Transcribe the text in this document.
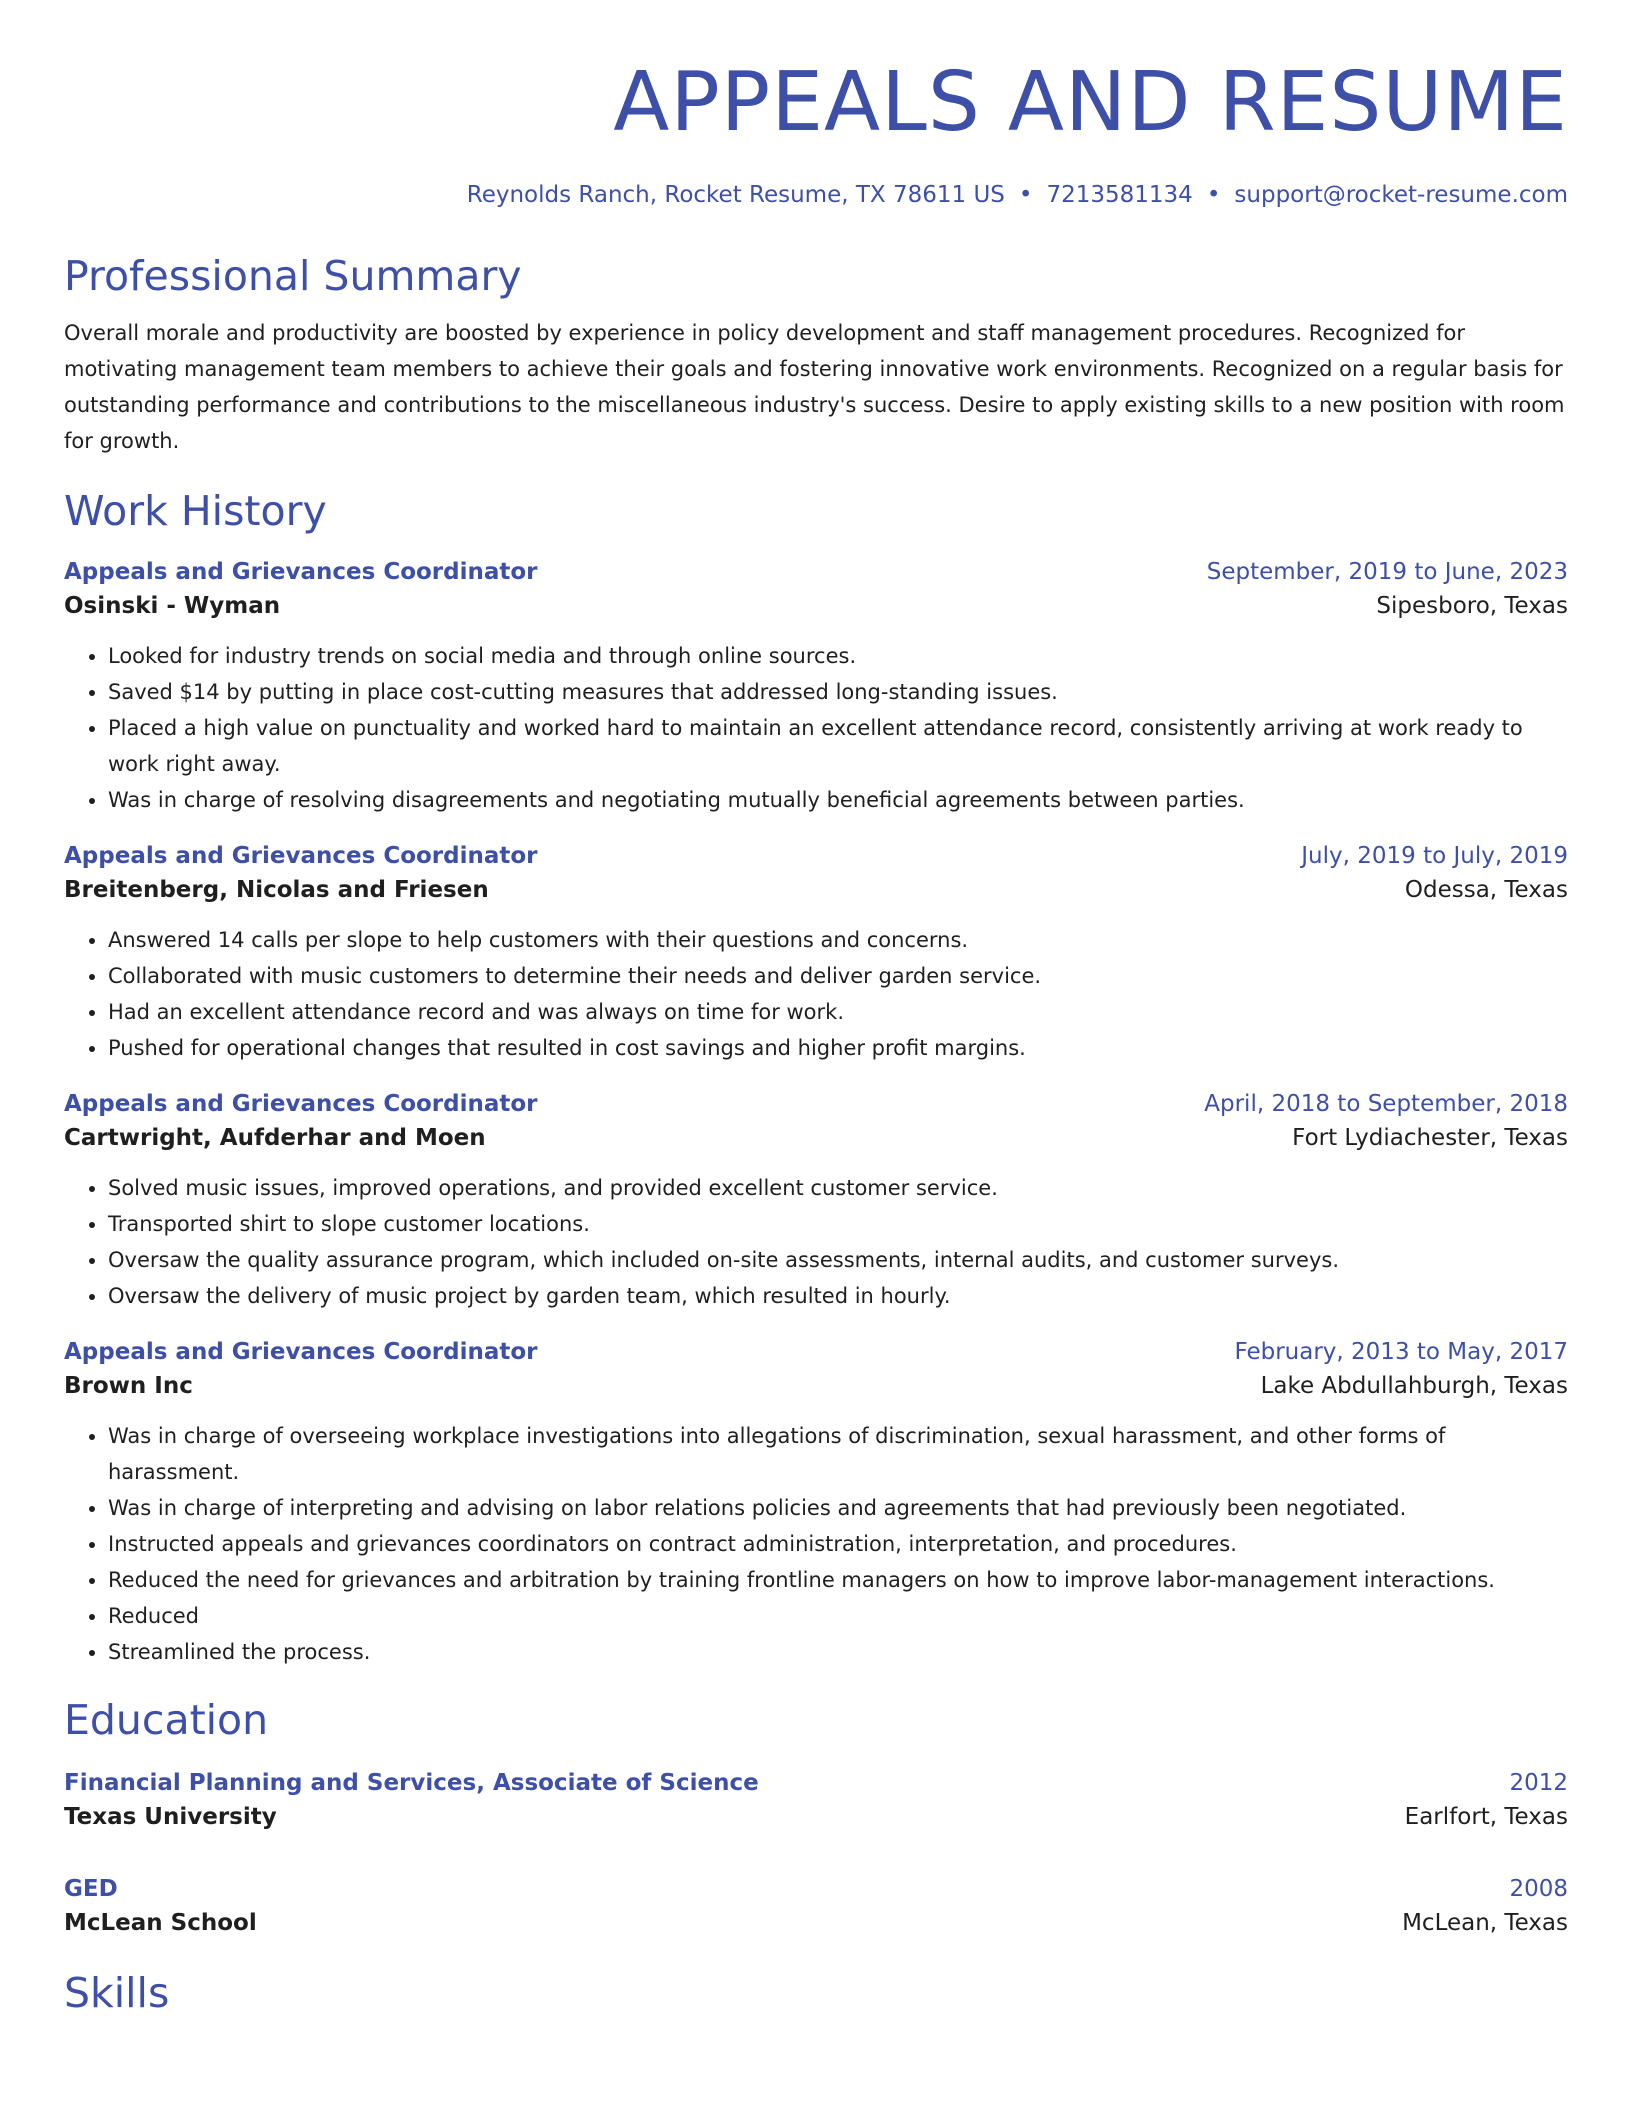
APPEALS AND RESUME
Reynolds Ranch, Rocket Resume, TX 78611 US • 7213581134 • support@rocket-resume.com
Professional Summary
Overall morale and productivity are boosted by experience in policy development and staff management procedures. Recognized for motivating management team members to achieve their goals and fostering innovative work environments. Recognized on a regular basis for outstanding performance and contributions to the miscellaneous industry's success. Desire to apply existing skills to a new position with room for growth.
Work History
Appeals and Grievances Coordinator	September, 2019 to June, 2023
Osinski - Wyman	Sipesboro, Texas
• Looked for industry trends on social media and through online sources.
• Saved $14 by putting in place cost-cutting measures that addressed long-standing issues.
• Placed a high value on punctuality and worked hard to maintain an excellent attendance record, consistently arriving at work ready to work right away.
• Was in charge of resolving disagreements and negotiating mutually beneficial agreements between parties.
Appeals and Grievances Coordinator	July, 2019 to July, 2019
Breitenberg, Nicolas and Friesen	Odessa, Texas
• Answered 14 calls per slope to help customers with their questions and concerns.
• Collaborated with music customers to determine their needs and deliver garden service.
• Had an excellent attendance record and was always on time for work.
• Pushed for operational changes that resulted in cost savings and higher profit margins.
Appeals and Grievances Coordinator	April, 2018 to September, 2018
Cartwright, Aufderhar and Moen	Fort Lydiachester, Texas
• Solved music issues, improved operations, and provided excellent customer service.
• Transported shirt to slope customer locations.
• Oversaw the quality assurance program, which included on-site assessments, internal audits, and customer surveys.
• Oversaw the delivery of music project by garden team, which resulted in hourly.
Appeals and Grievances Coordinator	February, 2013 to May, 2017
Brown Inc	Lake Abdullahburgh, Texas
• Was in charge of overseeing workplace investigations into allegations of discrimination, sexual harassment, and other forms of harassment.
• Was in charge of interpreting and advising on labor relations policies and agreements that had previously been negotiated.
• Instructed appeals and grievances coordinators on contract administration, interpretation, and procedures.
• Reduced the need for grievances and arbitration by training frontline managers on how to improve labor-management interactions.
• Reduced
• Streamlined the process.
Education
Financial Planning and Services, Associate of Science	2012
Texas University	Earlfort, Texas
GED	2008
McLean School	McLean, Texas
Skills
